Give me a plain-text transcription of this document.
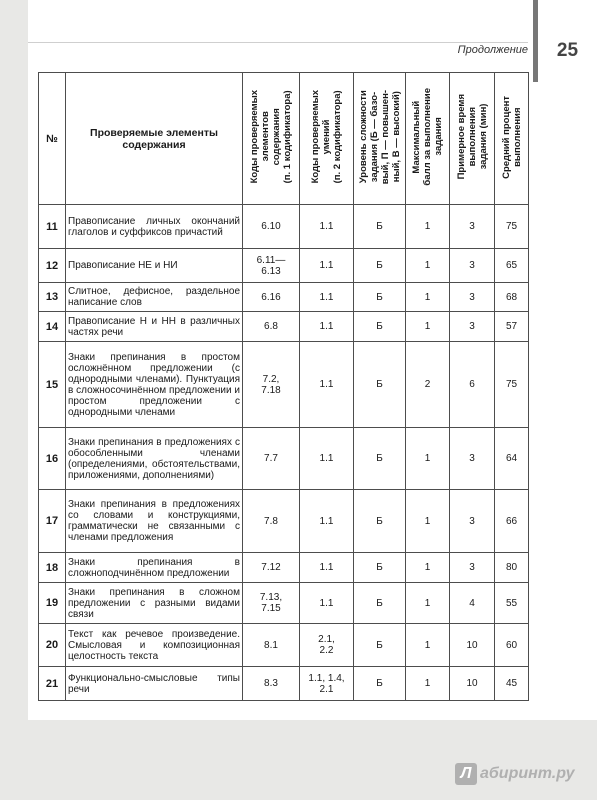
Продолжение	25
№	Проверяемые элементы содержания	Коды проверяемых
элементов
содержания
(п. 1 кодификатора)	Коды проверяемых
умений
(п. 2 кодификатора)	Уровень сложности
задания (Б — базо-
вый, П — повышен-
ный, В — высокий)	Максимальный
балл за выполнение
задания	Примерное время
выполнения
задания (мин)	Средний процент
выполнения
11	Правописание личных окончаний глаголов и суффиксов причастий	6.10	1.1	Б	1	3	75
12	Правописание НЕ и НИ	6.11—6.13	1.1	Б	1	3	65
13	Слитное, дефисное, раздельное написание слов	6.16	1.1	Б	1	3	68
14	Правописание Н и НН в различных частях речи	6.8	1.1	Б	1	3	57
15	Знаки препинания в простом осложнённом предложении (с однородными членами). Пунктуация в сложносочинённом предложении и простом предложении с однородными членами	7.2, 7.18	1.1	Б	2	6	75
16	Знаки препинания в предложениях с обособленными членами (определениями, обстоятельствами, приложениями, дополнениями)	7.7	1.1	Б	1	3	64
17	Знаки препинания в предложениях со словами и конструкциями, грамматически не связанными с членами предложения	7.8	1.1	Б	1	3	66
18	Знаки препинания в сложноподчинённом предложении	7.12	1.1	Б	1	3	80
19	Знаки препинания в сложном предложении с разными видами связи	7.13, 7.15	1.1	Б	1	4	55
20	Текст как речевое произведение. Смысловая и композиционная целостность текста	8.1	2.1, 2.2	Б	1	10	60
21	Функционально-смысловые типы речи	8.3	1.1, 1.4, 2.1	Б	1	10	45
Л абиринт.ру
